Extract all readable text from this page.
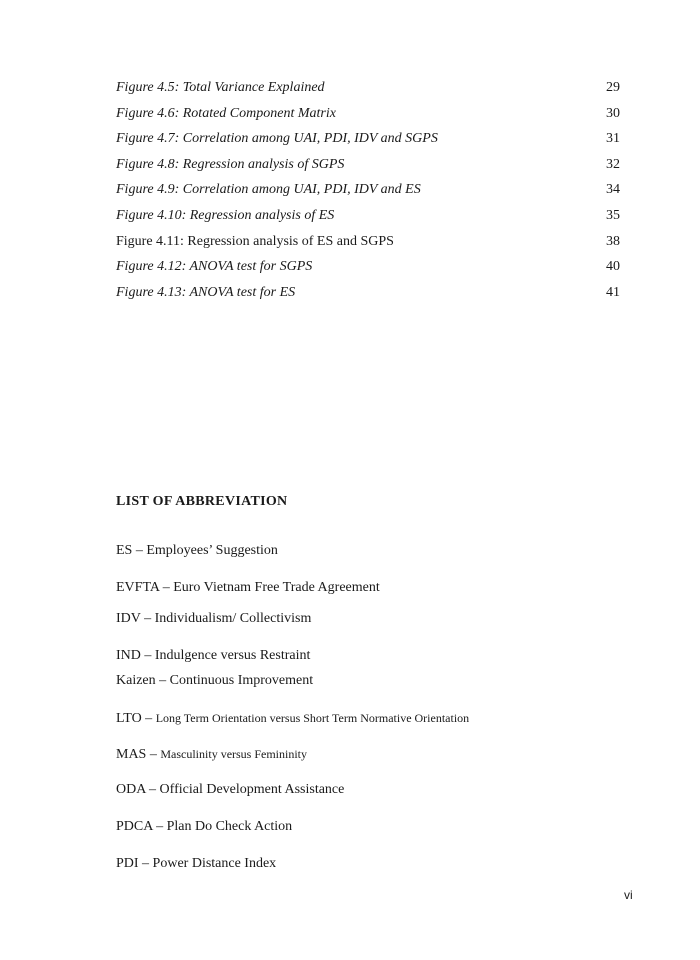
Figure 4.5: Total Variance Explained	29
Figure 4.6: Rotated Component Matrix	30
Figure 4.7: Correlation among UAI, PDI, IDV and SGPS	31
Figure 4.8: Regression analysis of SGPS	32
Figure 4.9: Correlation among UAI, PDI, IDV and ES	34
Figure 4.10: Regression analysis of ES	35
Figure 4.11: Regression analysis of ES and SGPS	38
Figure 4.12: ANOVA test for SGPS	40
Figure 4.13: ANOVA test for ES	41
LIST OF ABBREVIATION
ES – Employees’ Suggestion
EVFTA – Euro Vietnam Free Trade Agreement
IDV – Individualism/ Collectivism
IND – Indulgence versus Restraint
Kaizen – Continuous Improvement
LTO – Long Term Orientation versus Short Term Normative Orientation
MAS – Masculinity versus Femininity
ODA – Official Development Assistance
PDCA – Plan Do Check Action
PDI – Power Distance Index
vi
